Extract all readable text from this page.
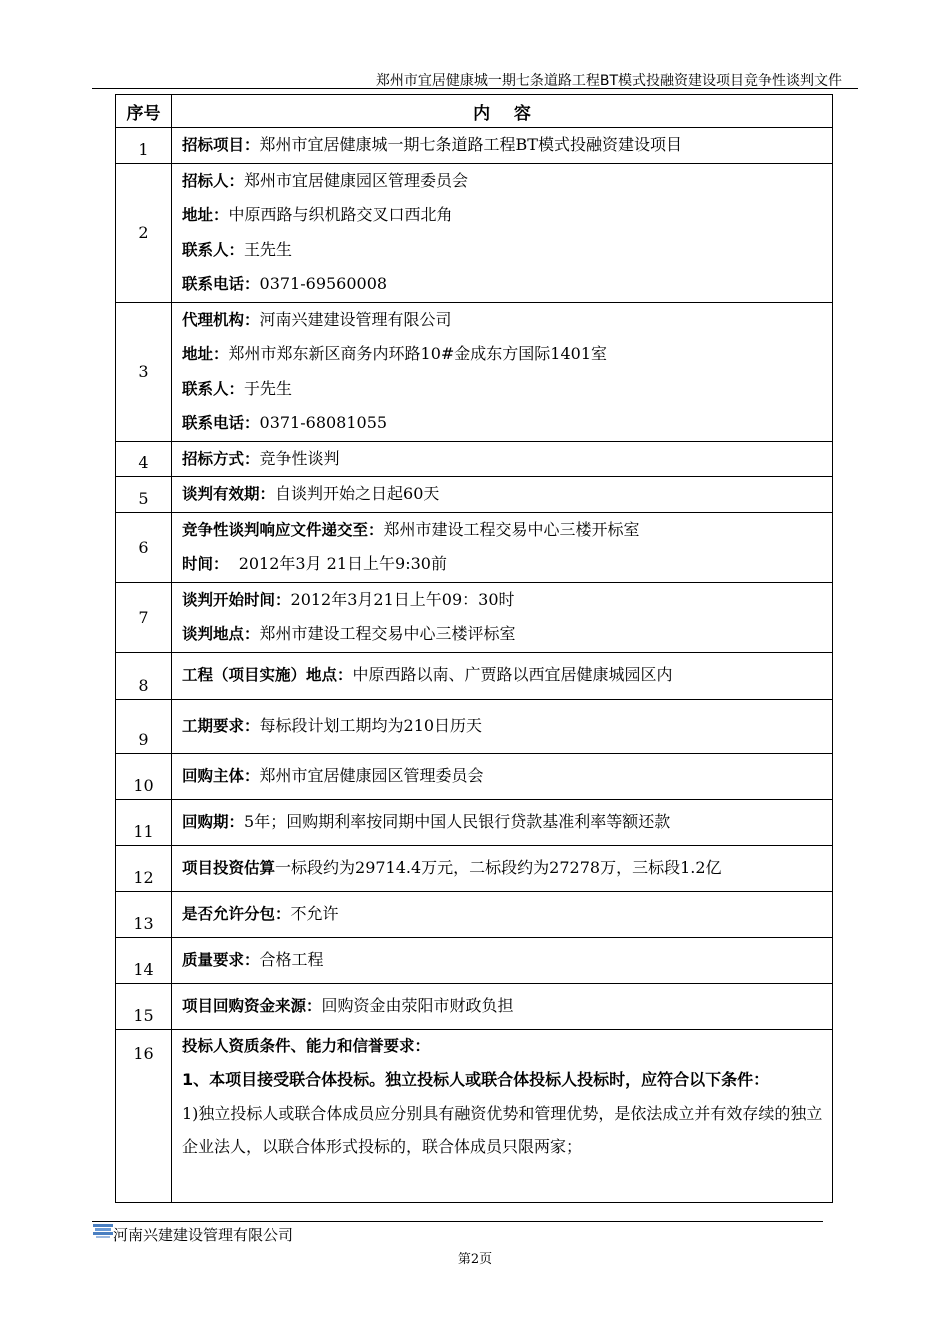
郑州市宜居健康城一期七条道路工程BT模式投融资建设项目竞争性谈判文件
序号	内    容
1	招标项目：郑州市宜居健康城一期七条道路工程BT模式投融资建设项目

2	招标人：郑州市宜居健康园区管理委员会
地址：中原西路与织机路交叉口西北角
联系人：王先生
联系电话：0371-69560008

3	代理机构：河南兴建建设管理有限公司
地址：郑州市郑东新区商务内环路10#金成东方国际1401室
联系人：于先生
联系电话：0371-68081055

4	招标方式：竞争性谈判

5	谈判有效期：自谈判开始之日起60天

6	竞争性谈判响应文件递交至：郑州市建设工程交易中心三楼开标室
时间：  2012年3月 21日上午9:30前

7	谈判开始时间：2012年3月21日上午09：30时
谈判地点：郑州市建设工程交易中心三楼评标室

8	工程（项目实施）地点：中原西路以南、广贾路以西宜居健康城园区内

9	工期要求：每标段计划工期均为210日历天

10	回购主体：郑州市宜居健康园区管理委员会

11	回购期：5年；回购期利率按同期中国人民银行贷款基准利率等额还款

12	项目投资估算一标段约为29714.4万元，二标段约为27278万，三标段1.2亿

13	是否允许分包：不允许

14	质量要求：合格工程

15	项目回购资金来源：回购资金由荥阳市财政负担

16	投标人资质条件、能力和信誉要求：
1、本项目接受联合体投标。独立投标人或联合体投标人投标时，应符合以下条件：
1)独立投标人或联合体成员应分别具有融资优势和管理优势，是依法成立并有效存续的独立企业法人，以联合体形式投标的，联合体成员只限两家；
河南兴建建设管理有限公司
第2页
